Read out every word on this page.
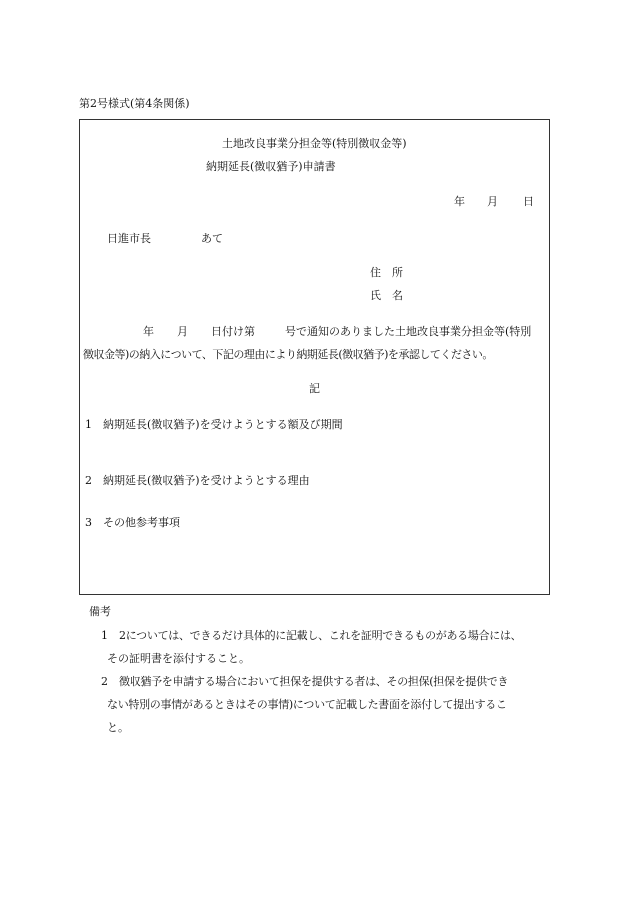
第2号様式(第4条関係)
土地改良事業分担金等(特別徴収金等)
納期延長(徴収猶予)申請書
年 月 日
日進市長	あて
住　所
氏　名
年 月 日付け第	号で通知のありました土地改良事業分担金等(特別
徴収金等)の納入について、下記の理由により納期延長(徴収猶予)を承認してください。
記
1 納期延長(徴収猶予)を受けようとする額及び期間
2 納期延長(徴収猶予)を受けようとする理由
3 その他参考事項
備考
1 2については、できるだけ具体的に記載し、これを証明できるものがある場合には、
その証明書を添付すること。
2 徴収猶予を申請する場合において担保を提供する者は、その担保(担保を提供でき
ない特別の事情があるときはその事情)について記載した書面を添付して提出するこ
と。
